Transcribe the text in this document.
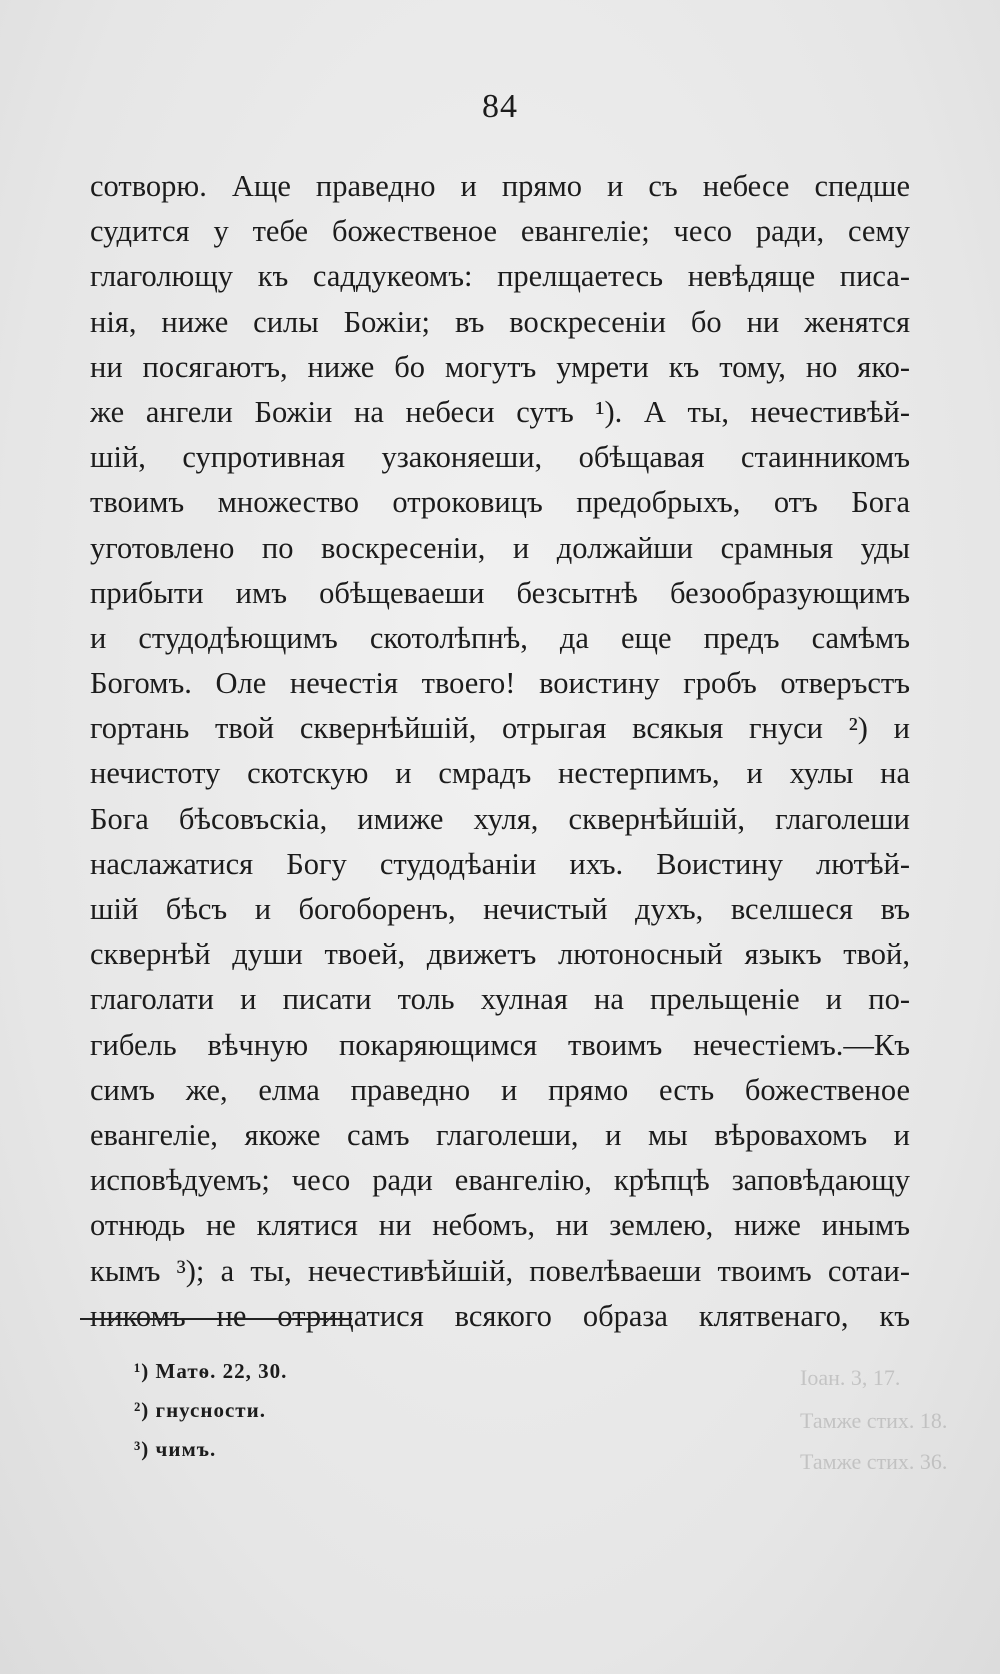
84
сотворю. Аще праведно и прямо и съ небесе спедше
судится у тебе божественое евангеліе; чесо ради, сему
глаголющу къ саддукеомъ: прелщаетесь невѣдяще писа-
нія, ниже силы Божіи; въ воскресеніи бо ни женятся
ни посягаютъ, ниже бо могутъ умрети къ тому, но яко-
же ангели Божіи на небеси сутъ ¹). А ты, нечестивѣй-
шій, супротивная узаконяеши, обѣщавая стаинникомъ
твоимъ множество отроковицъ предобрыхъ, отъ Бога
уготовлено по воскресеніи, и должайши срамныя уды
прибыти имъ обѣщеваеши безсытнѣ безообразующимъ
и студодѣющимъ скотолѣпнѣ, да еще предъ самѣмъ
Богомъ. Оле нечестія твоего! воистину гробъ отверъстъ
гортань твой сквернѣйшій, отрыгая всякыя гнуси ²) и
нечистоту скотскую и смрадъ нестерпимъ, и хулы на
Бога бѣсовъскіа, имиже хуля, сквернѣйшій, глаголеши
наслажатися Богу студодѣаніи ихъ. Воистину лютѣй-
шій бѣсъ и богоборенъ, нечистый духъ, вселшеся въ
сквернѣй души твоей, движетъ лютоносный языкъ твой,
глаголати и писати толь хулная на прельщеніе и по-
гибель вѣчную покаряющимся твоимъ нечестіемъ.—Къ
симъ же, елма праведно и прямо есть божественое
евангеліе, якоже самъ глаголеши, и мы вѣровахомъ и
исповѣдуемъ; чесо ради евангелію, крѣпцѣ заповѣдающу
отнюдь не клятися ни небомъ, ни землею, ниже инымъ
кымъ ³); а ты, нечестивѣйшій, повелѣваеши твоимъ сотаи-
никомъ не отрицатися всякого образа клятвенаго, къ
¹) Матѳ. 22, 30.
²) гнусности.
³) чимъ.
Іоан. 3, 17.
Тамже стих. 18.
Тамже стих. 36.
